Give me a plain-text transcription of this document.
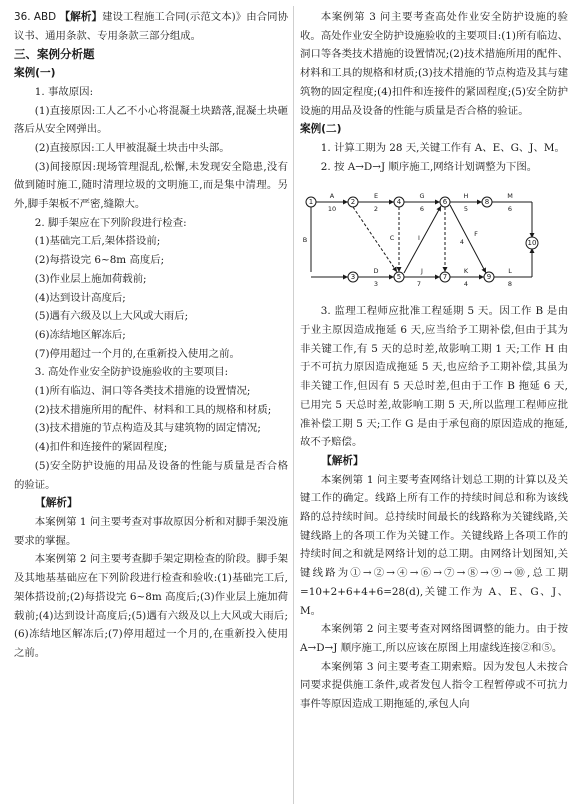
36. ABD 【解析】建设工程施工合同(示范文本)》由合同协议书、通用条款、专用条款三部分组成。

三、案例分析题

案例(一)

1. 事故原因:

(1)直接原因:工人乙不小心将混凝土块踏落,混凝土块砸落后从安全网弹出。

(2)直接原因:工人甲被混凝土块击中头部。

(3)间接原因:现场管理混乱,松懈,未发现安全隐患,没有做到随时施工,随时清理垃圾的文明施工,而是集中清理。另外,脚手架板不严密,缝隙大。

2. 脚手架应在下列阶段进行检查:

(1)基础完工后,架体搭设前;

(2)每搭设完 6~8m 高度后;

(3)作业层上施加荷载前;

(4)达到设计高度后;

(5)遇有六级及以上大风或大雨后;

(6)冻结地区解冻后;

(7)停用超过一个月的,在重新投入使用之前。

3. 高处作业安全防护设施验收的主要项目:

(1)所有临边、洞口等各类技术措施的设置情况;

(2)技术措施所用的配件、材料和工具的规格和材质;

(3)技术措施的节点构造及其与建筑物的固定情况;

(4)扣件和连接件的紧固程度;

(5)安全防护设施的用品及设备的性能与质量是否合格的验证。

【解析】

本案例第 1 问主要考查对事故原因分析和对脚手架没施要求的掌握。

本案例第 2 问主要考查脚手架定期检查的阶段。脚手架及其地基基础应在下列阶段进行检查和验收:(1)基础完工后,架体搭设前;(2)每搭设完 6~8m 高度后;(3)作业层上施加荷载前;(4)达到设计高度后;(5)遇有六级及以上大风或大雨后;(6)冻结地区解冻后;(7)停用超过一个月的,在重新投入使用之前。

本案例第 3 问主要考查高处作业安全防护设施的验收。高处作业安全防护设施验收的主要项目:(1)所有临边、洞口等各类技术措施的设置情况;(2)技术措施所用的配件、材料和工具的规格和材质;(3)技术措施的节点构造及其与建筑物的固定程度;(4)扣件和连接件的紧固程度;(5)安全防护设施的用品及设备的性能与质量是否合格的验证。

案例(二)

1. 计算工期为 28 天,关键工作有 A、E、G、J、M。

2. 按 A→D→J 顺序施工,网络计划调整为下图。

1	2
3
4
5
6
7
8
9
10
A
10
E
2
G
6
B	C
D
3
I
7
J
4
K
H
5
M
6
L
8
F
4

3. 监理工程师应批准工程延期 5 天。因工作 B 是由于业主原因造成拖延 6 天,应当给予工期补偿,但由于其为非关键工作,有 5 天的总时差,故影响工期 1 天;工作 H 由于不可抗力原因造成拖延 5 天,也应给予工期补偿,其虽为非关键工作,但因有 5 天总时差,但由于工作 B 拖延 6 天,已用完 5 天总时差,故影响工期 5 天,所以监理工程师应批准补偿工期 5 天;工作 G 是由于承包商的原因造成的拖延,故不予赔偿。

【解析】

本案例第 1 问主要考查网络计划总工期的计算以及关键工作的确定。线路上所有工作的持续时间总和称为该线路的总持续时间。总持续时间最长的线路称为关键线路,关键线路上的各项工作为关键工作。关键线路上各项工作的持续时间之和就是网络计划的总工期。由网络计划图知,关键线路为①→②→④→⑥→⑦→⑧→⑨→⑩,总工期=10+2+6+4+6=28(d),关键工作为 A、E、G、J、M。

本案例第 2 问主要考查对网络图调整的能力。由于按 A→D→J 顺序施工,所以应该在原图上用虚线连接②和⑤。

本案例第 3 问主要考查工期索赔。因为发包人未按合同要求提供施工条件,或者发包人指令工程暂停或不可抗力事件等原因造成工期拖延的,承包人向
